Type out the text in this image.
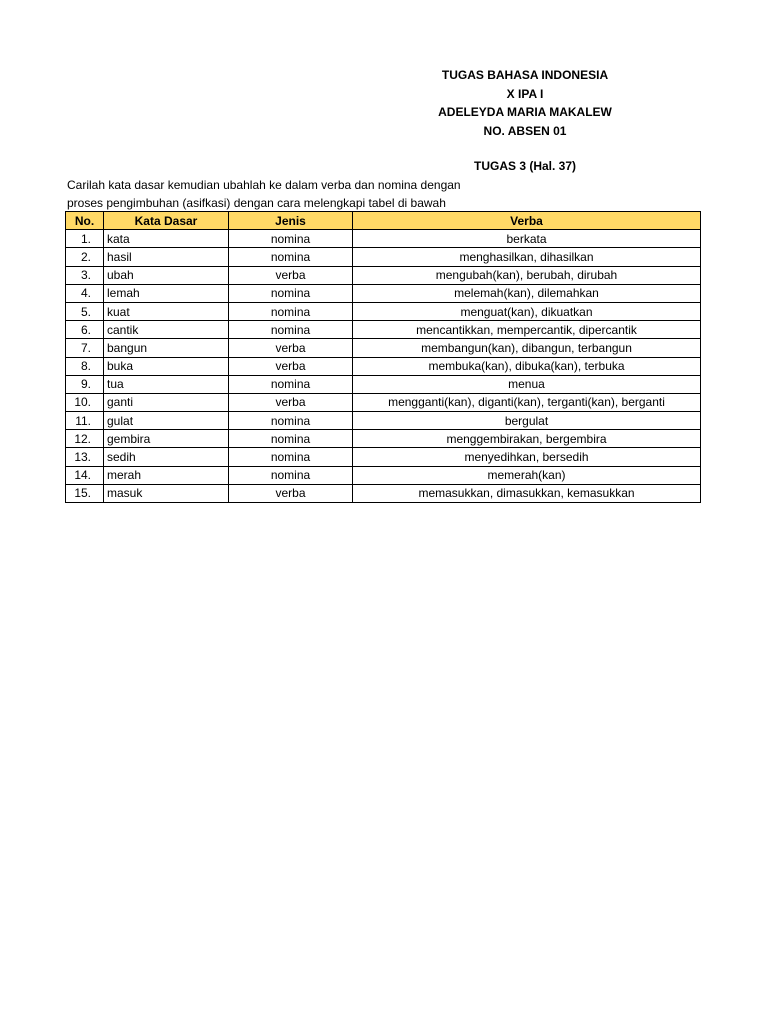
TUGAS BAHASA INDONESIA
X IPA I
ADELEYDA MARIA MAKALEW
NO. ABSEN 01
TUGAS 3 (Hal. 37)
Carilah kata dasar kemudian ubahlah ke dalam verba dan nomina dengan
proses pengimbuhan (asifkasi) dengan cara melengkapi tabel di bawah
No.	Kata Dasar	Jenis	Verba
1.	kata	nomina	berkata
2.	hasil	nomina	menghasilkan, dihasilkan
3.	ubah	verba	mengubah(kan), berubah, dirubah
4.	lemah	nomina	melemah(kan), dilemahkan
5.	kuat	nomina	menguat(kan), dikuatkan
6.	cantik	nomina	mencantikkan, mempercantik, dipercantik
7.	bangun	verba	membangun(kan), dibangun, terbangun
8.	buka	verba	membuka(kan), dibuka(kan), terbuka
9.	tua	nomina	menua
10.	ganti	verba	mengganti(kan), diganti(kan), terganti(kan), berganti
11.	gulat	nomina	bergulat
12.	gembira	nomina	menggembirakan, bergembira
13.	sedih	nomina	menyedihkan, bersedih
14.	merah	nomina	memerah(kan)
15.	masuk	verba	memasukkan, dimasukkan, kemasukkan
